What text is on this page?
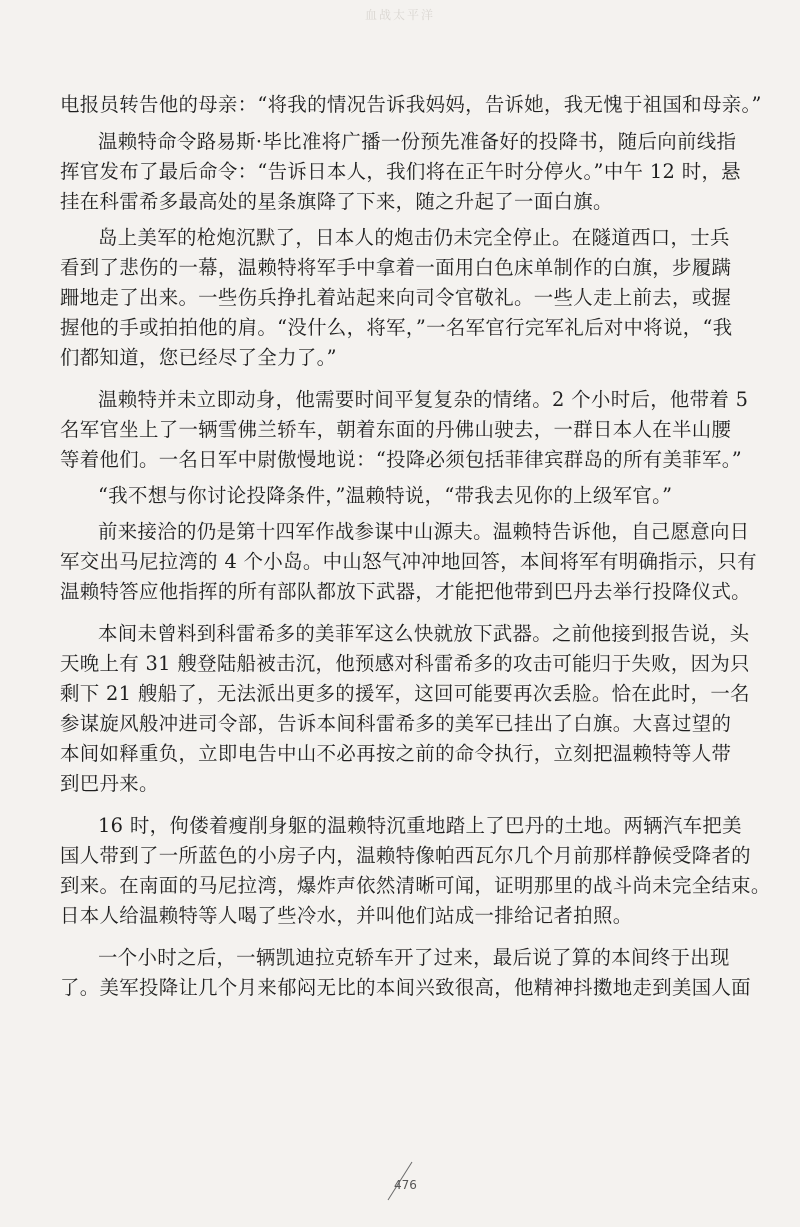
血战太平洋
电报员转告他的母亲：“将我的情况告诉我妈妈，告诉她，我无愧于祖国和母亲。”
温赖特命令路易斯·毕比准将广播一份预先准备好的投降书，随后向前线指
挥官发布了最后命令：“告诉日本人，我们将在正午时分停火。”中午 12 时，悬
挂在科雷希多最高处的星条旗降了下来，随之升起了一面白旗。
岛上美军的枪炮沉默了，日本人的炮击仍未完全停止。在隧道西口，士兵
看到了悲伤的一幕，温赖特将军手中拿着一面用白色床单制作的白旗，步履蹒
跚地走了出来。一些伤兵挣扎着站起来向司令官敬礼。一些人走上前去，或握
握他的手或拍拍他的肩。“没什么，将军，”一名军官行完军礼后对中将说，“我
们都知道，您已经尽了全力了。”
温赖特并未立即动身，他需要时间平复复杂的情绪。2 个小时后，他带着 5
名军官坐上了一辆雪佛兰轿车，朝着东面的丹佛山驶去，一群日本人在半山腰
等着他们。一名日军中尉傲慢地说：“投降必须包括菲律宾群岛的所有美菲军。”
“我不想与你讨论投降条件，”温赖特说，“带我去见你的上级军官。”
前来接洽的仍是第十四军作战参谋中山源夫。温赖特告诉他，自己愿意向日
军交出马尼拉湾的 4 个小岛。中山怒气冲冲地回答，本间将军有明确指示，只有
温赖特答应他指挥的所有部队都放下武器，才能把他带到巴丹去举行投降仪式。
本间未曾料到科雷希多的美菲军这么快就放下武器。之前他接到报告说，头
天晚上有 31 艘登陆船被击沉，他预感对科雷希多的攻击可能归于失败，因为只
剩下 21 艘船了，无法派出更多的援军，这回可能要再次丢脸。恰在此时，一名
参谋旋风般冲进司令部，告诉本间科雷希多的美军已挂出了白旗。大喜过望的
本间如释重负，立即电告中山不必再按之前的命令执行，立刻把温赖特等人带
到巴丹来。
16 时，佝偻着瘦削身躯的温赖特沉重地踏上了巴丹的土地。两辆汽车把美
国人带到了一所蓝色的小房子内，温赖特像帕西瓦尔几个月前那样静候受降者的
到来。在南面的马尼拉湾，爆炸声依然清晰可闻，证明那里的战斗尚未完全结束。
日本人给温赖特等人喝了些冷水，并叫他们站成一排给记者拍照。
一个小时之后，一辆凯迪拉克轿车开了过来，最后说了算的本间终于出现
了。美军投降让几个月来郁闷无比的本间兴致很高，他精神抖擞地走到美国人面
476
